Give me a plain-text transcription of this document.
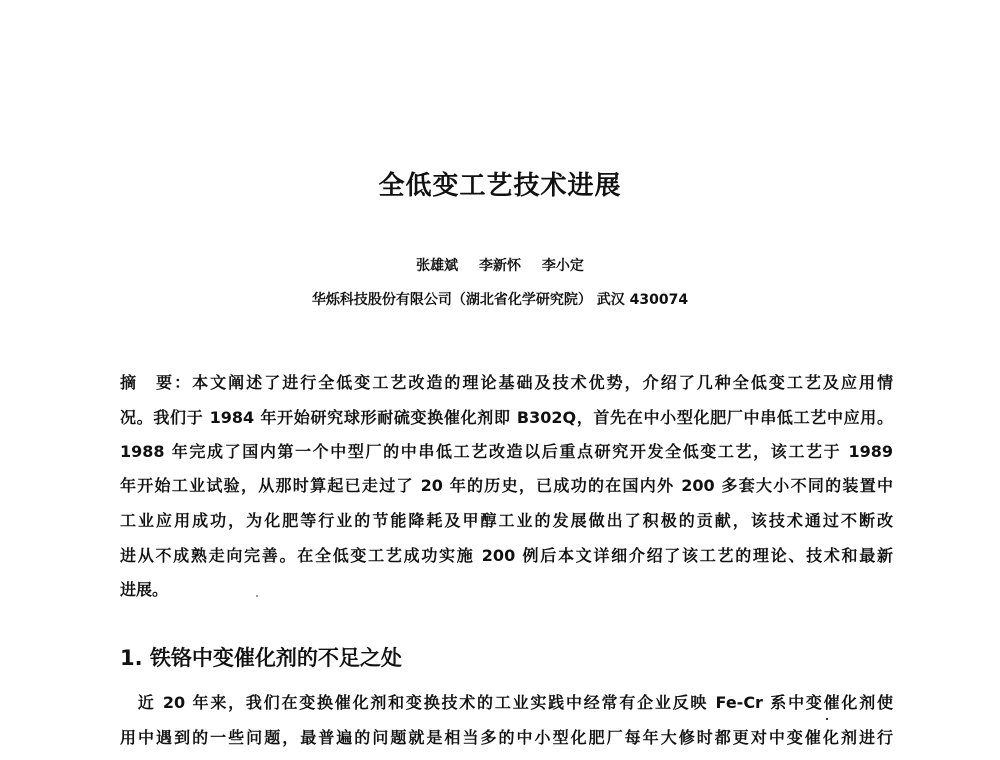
全低变工艺技术进展
张雄斌 李新怀 李小定
华烁科技股份有限公司（湖北省化学研究院） 武汉 430074
摘　要：本文阐述了进行全低变工艺改造的理论基础及技术优势，介绍了几种全低变工艺及应用情
况。我们于 1984 年开始研究球形耐硫变换催化剂即 B302Q，首先在中小型化肥厂中串低工艺中应用。
1988 年完成了国内第一个中型厂的中串低工艺改造以后重点研究开发全低变工艺，该工艺于 1989
年开始工业试验，从那时算起已走过了 20 年的历史，已成功的在国内外 200 多套大小不同的装置中
工业应用成功，为化肥等行业的节能降耗及甲醇工业的发展做出了积极的贡献，该技术通过不断改
进从不成熟走向完善。在全低变工艺成功实施 200 例后本文详细介绍了该工艺的理论、技术和最新
进展。
1. 铁铬中变催化剂的不足之处
　近 20 年来，我们在变换催化剂和变换技术的工业实践中经常有企业反映 Fe-Cr 系中变催化剂使
用中遇到的一些问题，最普遍的问题就是相当多的中小型化肥厂每年大修时都更对中变催化剂进行
